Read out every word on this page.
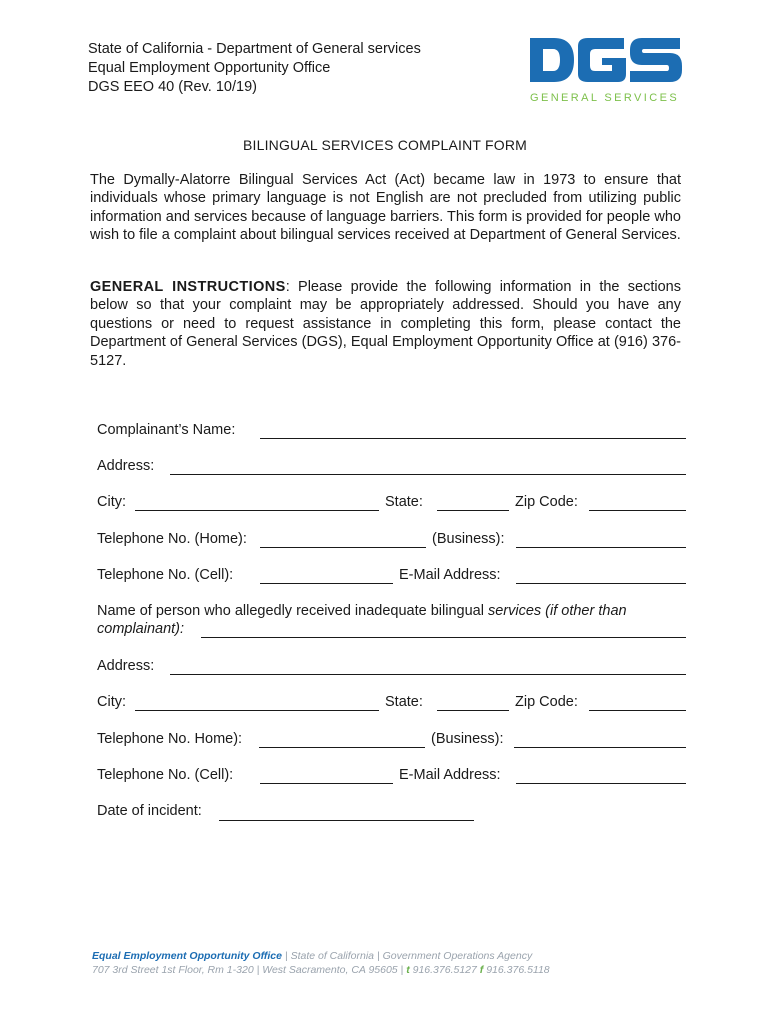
State of California - Department of General services
Equal Employment Opportunity Office
DGS EEO 40 (Rev. 10/19)
GENERAL SERVICES
BILINGUAL SERVICES COMPLAINT FORM
The Dymally-Alatorre Bilingual Services Act (Act) became law in 1973 to ensure that individuals whose primary language is not English are not precluded from utilizing public information and services because of language barriers. This form is provided for people who wish to file a complaint about bilingual services received at Department of General Services.
GENERAL INSTRUCTIONS: Please provide the following information in the sections below so that your complaint may be appropriately addressed. Should you have any questions or need to request assistance in completing this form, please contact the Department of General Services (DGS), Equal Employment Opportunity Office at (916) 376-5127.
Complainant’s Name:
Address:
City:	State:	Zip Code:
Telephone No. (Home):	(Business):
Telephone No. (Cell):	E-Mail Address:
Name of person who allegedly received inadequate bilingual services (if other than
complainant):
Address:
City:	State:	Zip Code:
Telephone No. Home):	(Business):
Telephone No. (Cell):	E-Mail Address:
Date of incident:
Equal Employment Opportunity Office | State of California | Government Operations Agency
707 3rd Street 1st Floor, Rm 1-320 | West Sacramento, CA 95605 | t 916.376.5127 f 916.376.5118
